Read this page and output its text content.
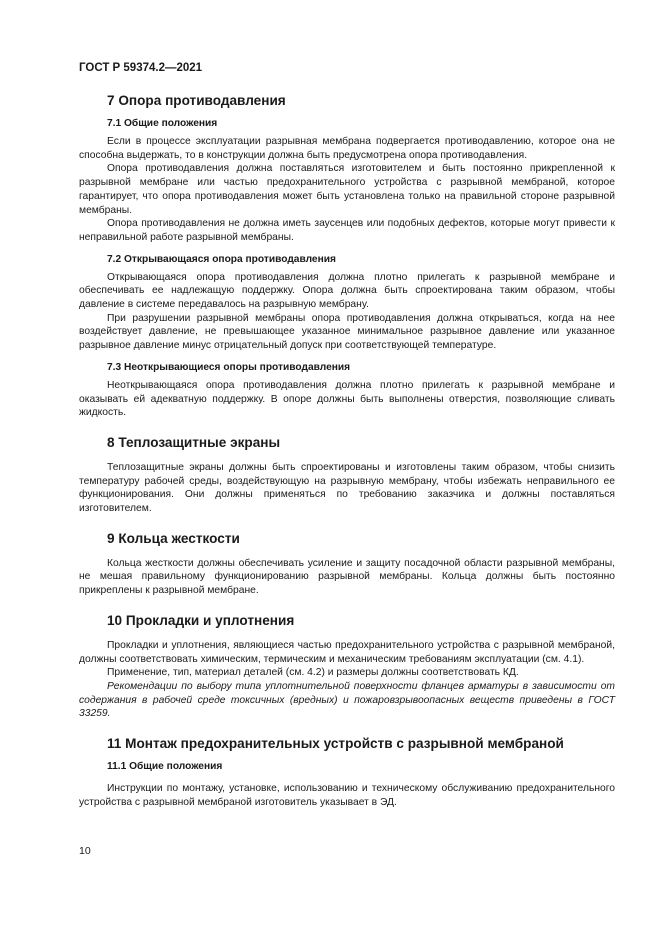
ГОСТ Р 59374.2—2021
7 Опора противодавления
7.1 Общие положения

Если в процессе эксплуатации разрывная мембрана подвергается противодавлению, которое она не способна выдержать, то в конструкции должна быть предусмотрена опора противодавления.

Опора противодавления должна поставляться изготовителем и быть постоянно прикрепленной к разрывной мембране или частью предохранительного устройства с разрывной мембраной, которое гарантирует, что опора противодавления может быть установлена только на правильной стороне разрывной мембраны.

Опора противодавления не должна иметь заусенцев или подобных дефектов, которые могут привести к неправильной работе разрывной мембраны.

7.2 Открывающаяся опора противодавления

Открывающаяся опора противодавления должна плотно прилегать к разрывной мембране и обеспечивать ее надлежащую поддержку. Опора должна быть спроектирована таким образом, чтобы давление в системе передавалось на разрывную мембрану.

При разрушении разрывной мембраны опора противодавления должна открываться, когда на нее воздействует давление, не превышающее указанное минимальное разрывное давление или указанное разрывное давление минус отрицательный допуск при соответствующей температуре.

7.3 Неоткрывающиеся опоры противодавления

Неоткрывающаяся опора противодавления должна плотно прилегать к разрывной мембране и оказывать ей адекватную поддержку. В опоре должны быть выполнены отверстия, позволяющие сливать жидкость.

8 Теплозащитные экраны

Теплозащитные экраны должны быть спроектированы и изготовлены таким образом, чтобы снизить температуру рабочей среды, воздействующую на разрывную мембрану, чтобы избежать неправильного ее функционирования. Они должны применяться по требованию заказчика и должны поставляться изготовителем.

9 Кольца жесткости

Кольца жесткости должны обеспечивать усиление и защиту посадочной области разрывной мембраны, не мешая правильному функционированию разрывной мембраны. Кольца должны быть постоянно прикреплены к разрывной мембране.

10 Прокладки и уплотнения

Прокладки и уплотнения, являющиеся частью предохранительного устройства с разрывной мембраной, должны соответствовать химическим, термическим и механическим требованиям эксплуатации (см. 4.1).

Применение, тип, материал деталей (см. 4.2) и размеры должны соответствовать КД.

Рекомендации по выбору типа уплотнительной поверхности фланцев арматуры в зависимости от содержания в рабочей среде токсичных (вредных) и пожаровзрывоопасных веществ приведены в ГОСТ 33259.

11 Монтаж предохранительных устройств с разрывной мембраной
11.1 Общие положения

Инструкции по монтажу, установке, использованию и техническому обслуживанию предохранительного устройства с разрывной мембраной изготовитель указывает в ЭД.

10
